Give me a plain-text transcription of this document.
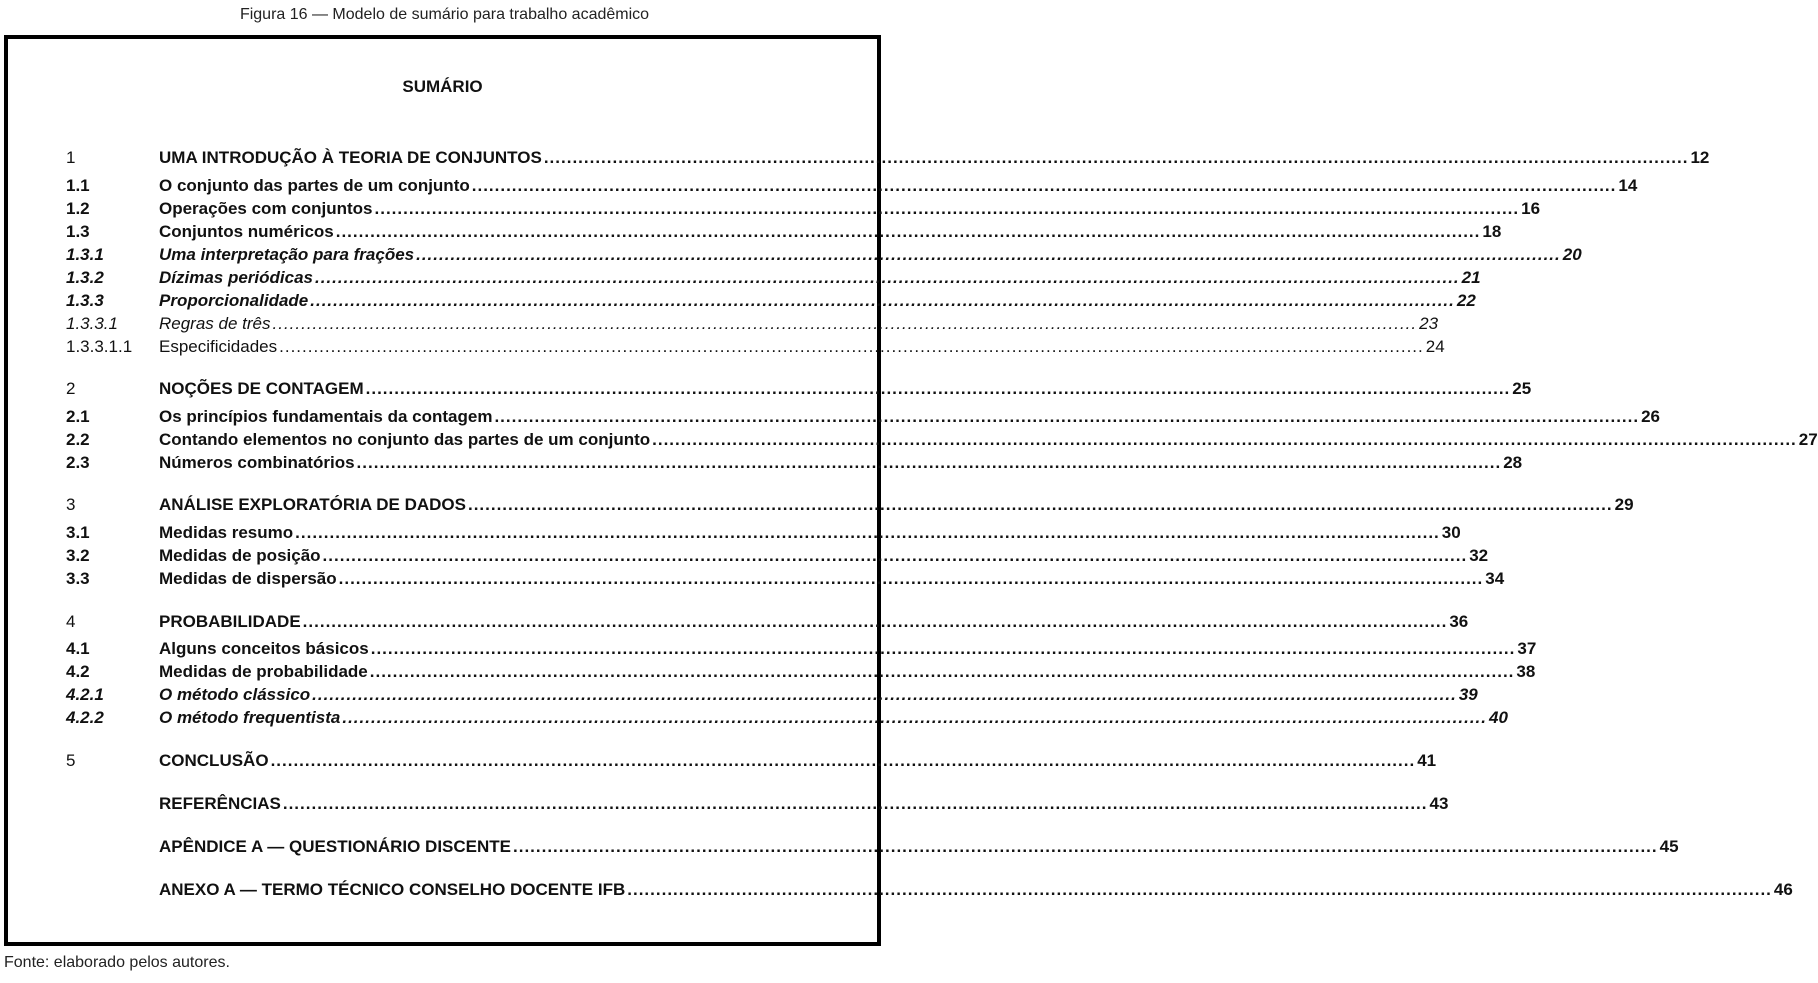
Figura 16 — Modelo de sumário para trabalho acadêmico
SUMÁRIO
1	UMA INTRODUÇÃO À TEORIA DE CONJUNTOS ........................................................................................................................................................................................................ 12
1.1	O conjunto das partes de um conjunto ........................................................................................................................................................................................................ 14
1.2	Operações com conjuntos ........................................................................................................................................................................................................ 16
1.3	Conjuntos numéricos ........................................................................................................................................................................................................ 18
1.3.1	Uma interpretação para frações ........................................................................................................................................................................................................ 20
1.3.2	Dízimas periódicas ........................................................................................................................................................................................................ 21
1.3.3	Proporcionalidade ........................................................................................................................................................................................................ 22
1.3.3.1 Regras de três ........................................................................................................................................................................................................ 23
1.3.3.1.1 Especificidades ........................................................................................................................................................................................................ 24
2	NOÇÕES DE CONTAGEM ........................................................................................................................................................................................................ 25
2.1	Os princípios fundamentais da contagem ........................................................................................................................................................................................................ 26
2.2	Contando elementos no conjunto das partes de um conjunto ........................................................................................................................................................................................................ 27
2.3	Números combinatórios ........................................................................................................................................................................................................ 28
3	ANÁLISE EXPLORATÓRIA DE DADOS ........................................................................................................................................................................................................ 29
3.1	Medidas resumo ........................................................................................................................................................................................................ 30
3.2	Medidas de posição ........................................................................................................................................................................................................ 32
3.3	Medidas de dispersão ........................................................................................................................................................................................................ 34
4	PROBABILIDADE ........................................................................................................................................................................................................ 36
4.1	Alguns conceitos básicos ........................................................................................................................................................................................................ 37
4.2	Medidas de probabilidade ........................................................................................................................................................................................................ 38
4.2.1	O método clássico ........................................................................................................................................................................................................ 39
4.2.2	O método frequentista ........................................................................................................................................................................................................ 40
5	CONCLUSÃO ........................................................................................................................................................................................................ 41
REFERÊNCIAS ........................................................................................................................................................................................................ 43
APÊNDICE A — QUESTIONÁRIO DISCENTE ........................................................................................................................................................................................................ 45
ANEXO A — TERMO TÉCNICO CONSELHO DOCENTE IFB ........................................................................................................................................................................................................ 46
Fonte: elaborado pelos autores.
